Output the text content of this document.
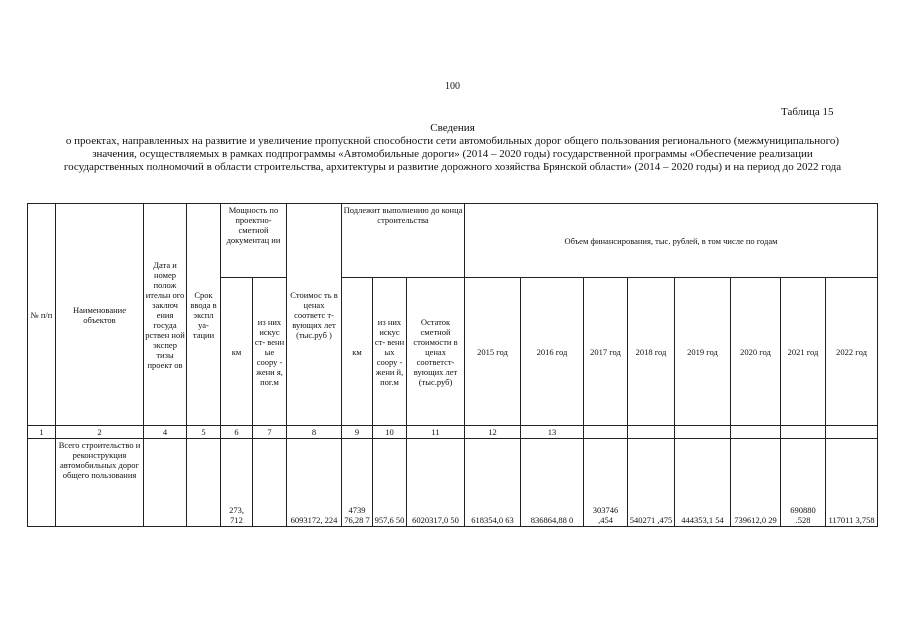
100
Таблица 15
Сведения
о проектах, направленных на развитие и увеличение пропускной способности сети автомобильных дорог общего пользования регионального (межмуниципального) значения, осуществляемых в рамках подпрограммы «Автомобильные дороги» (2014 – 2020 годы) государственной программы «Обеспечение реализации государственных полномочий в области строительства, архитектуры и развитие дорожного хозяйства Брянской области» (2014 – 2020 годы) и на период до 2022 года
№ п/п	Наименование объектов	Дата и номер полож ительн ого заключ ения госуда рствен ной экспер тизы проект ов	Срок ввода в экспл уа- тации	Мощность по проектно- сметной документац ии		Стоимос ть в ценах соответс т- вующих лет (тыс.руб )	Подлежит выполнению до конца строительства			Объем финансирования, тыс. рублей, в том числе по годам							
				км	из них искус ст- венн ые соору - жени я, пог.м		км	из них искус ст- венн ых соору - жени й, пог.м	Остаток сметной стоимости в ценах соответст- вующих лет (тыс.руб)	2015 год	2016 год	2017 год	2018 год	2019 год	2020 год	2021 год	2022 год
1	2	4	5	6	7	8	9	10	11	12	13						
	Всего строительство и реконструкция автомобильных дорог общего пользования			273, 712		6093172, 224	4739 76,28 7	957,6 50	6020317,0 50	618354,0 63	836864,88 0	303746 ,454	540271 ,475	444353,1 54	739612,0 29	690880 .528	117011 3,758
